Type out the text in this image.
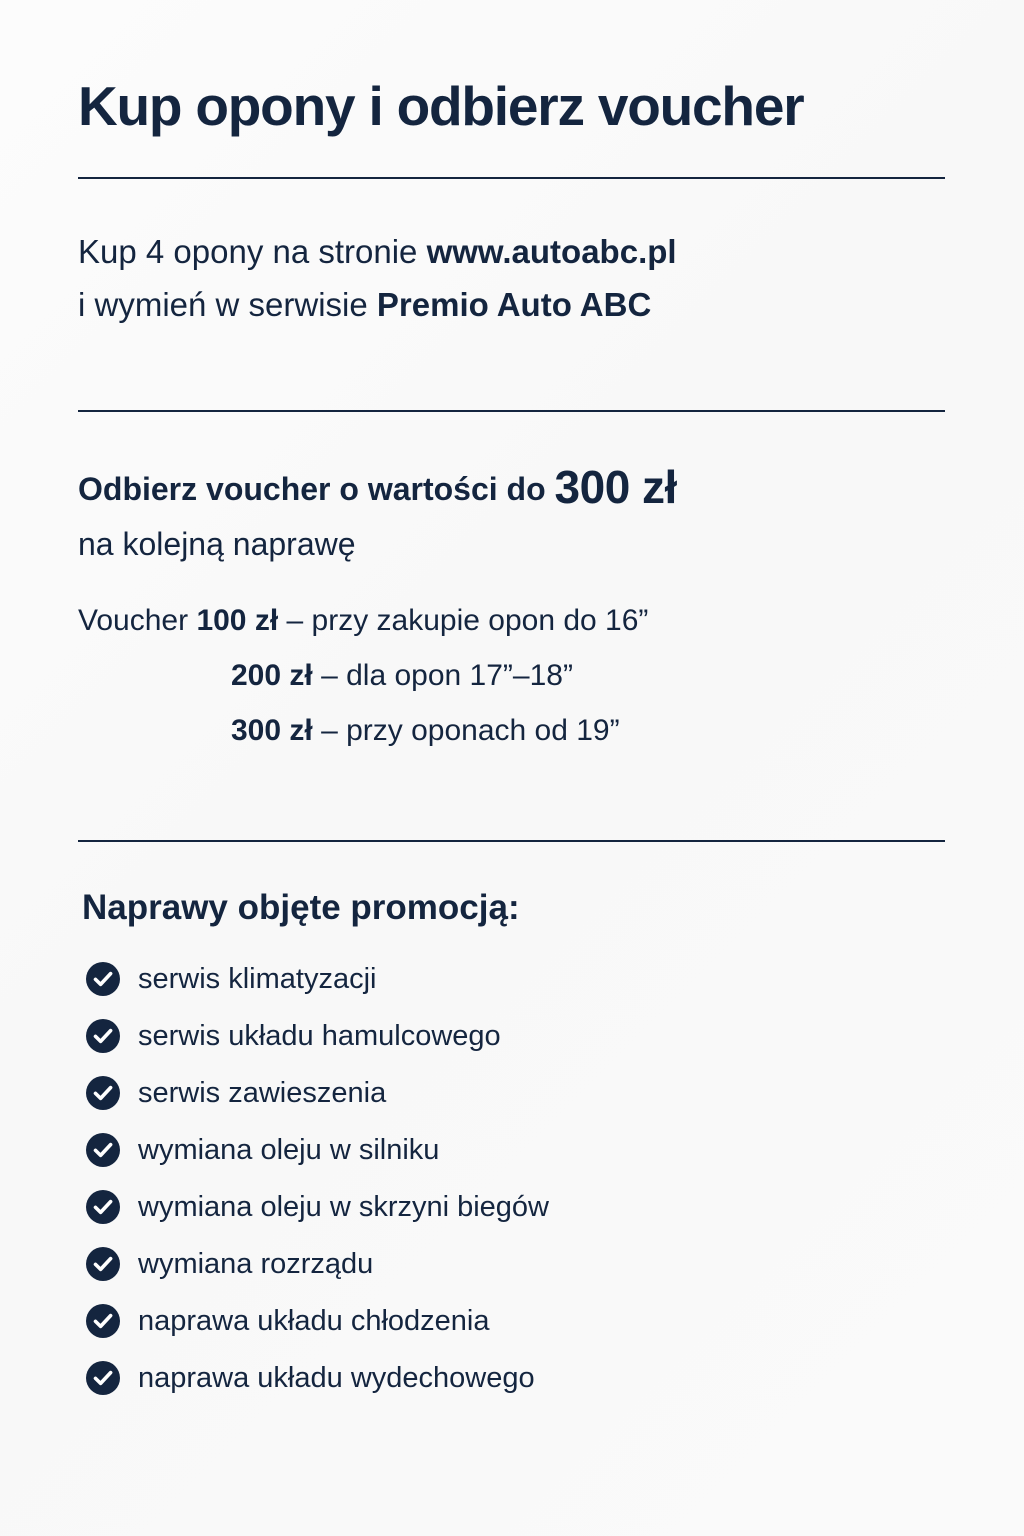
Kup opony i odbierz voucher
Kup 4 opony na stronie www.autoabc.pl
i wymień w serwisie Premio Auto ABC
Odbierz voucher o wartości do 300 zł
na kolejną naprawę
Voucher 100 zł – przy zakupie opon do 16”
200 zł – dla opon 17”–18”
300 zł – przy oponach od 19”
Naprawy objęte promocją:
serwis klimatyzacji
serwis układu hamulcowego
serwis zawieszenia
wymiana oleju w silniku
wymiana oleju w skrzyni biegów
wymiana rozrządu
naprawa układu chłodzenia
naprawa układu wydechowego
